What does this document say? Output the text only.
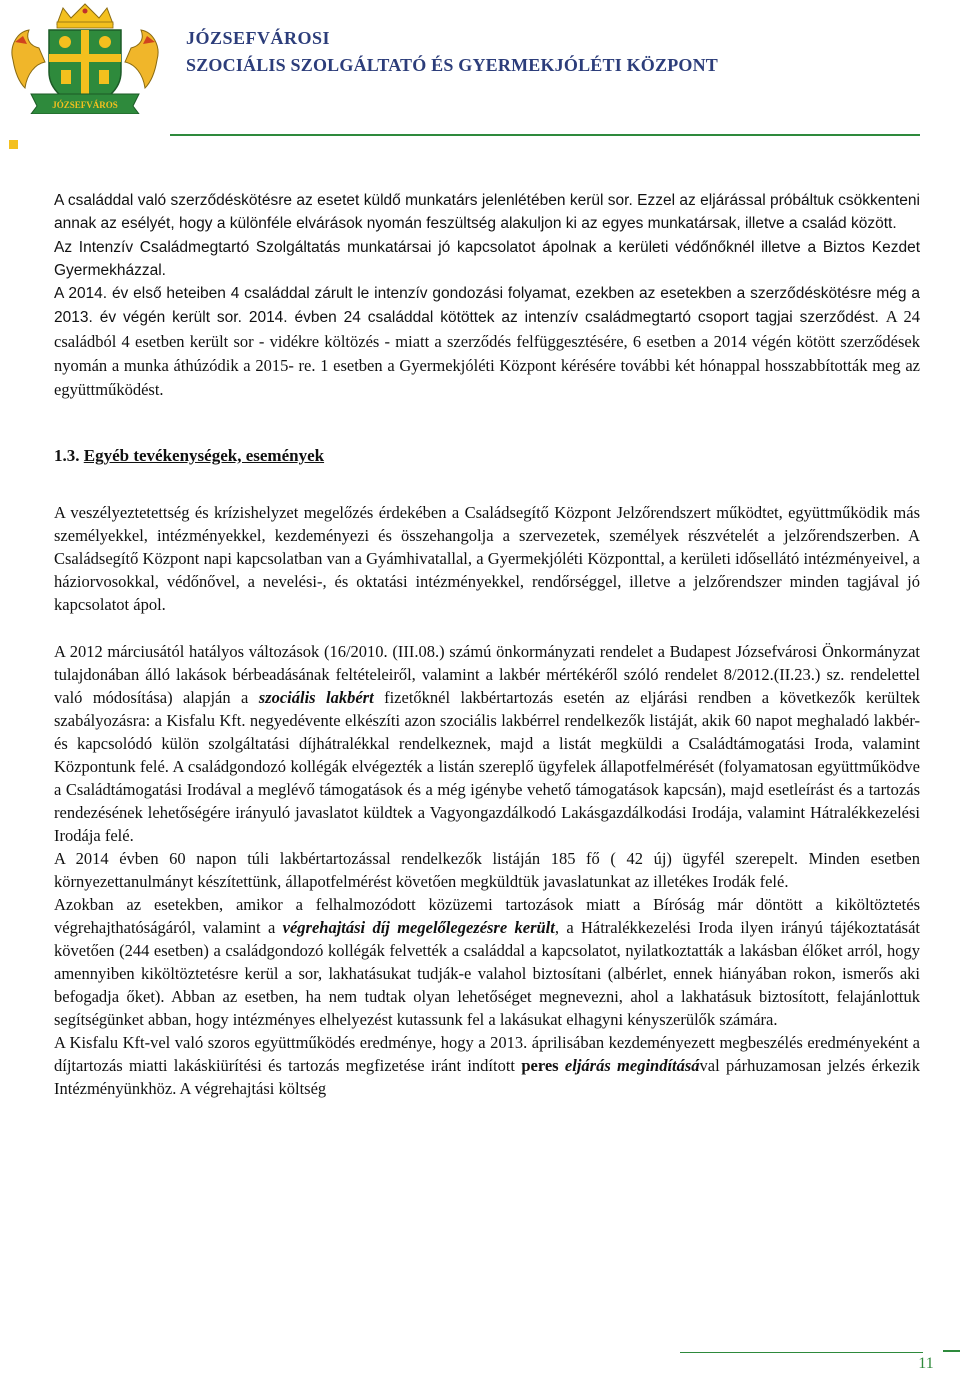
JÓZSEFVÁROS
JÓZSEFVÁROSI
SZOCIÁLIS SZOLGÁLTATÓ ÉS GYERMEKJÓLÉTI KÖZPONT

A családdal való szerződéskötésre az esetet küldő munkatárs jelenlétében kerül sor. Ezzel az eljárással próbáltuk csökkenteni annak az esélyét, hogy a különféle elvárások nyomán feszültség alakuljon ki az egyes munkatársak, illetve a család között.

Az Intenzív Családmegtartó Szolgáltatás munkatársai jó kapcsolatot ápolnak a kerületi védőnőknél illetve a Biztos Kezdet Gyermekházzal.

A 2014. év első heteiben 4 családdal zárult le intenzív gondozási folyamat, ezekben az esetekben a szerződéskötésre még a 2013. év végén került sor. 2014. évben 24 családdal kötöttek az intenzív családmegtartó csoport tagjai szerződést. A 24 családból 4 esetben került sor - vidékre költözés - miatt a szerződés felfüggesztésére, 6 esetben a 2014 végén kötött szerződések nyomán a munka áthúzódik a 2015- re. 1 esetben a Gyermekjóléti Központ kérésére további két hónappal hosszabbították meg az együttműködést.

1.3. Egyéb tevékenységek, események

A veszélyeztetettség és krízishelyzet megelőzés érdekében a Családsegítő Központ Jelzőrendszert működtet, együttműködik más személyekkel, intézményekkel, kezdeményezi és összehangolja a szervezetek, személyek részvételét a jelzőrendszerben. A Családsegítő Központ napi kapcsolatban van a Gyámhivatallal, a Gyermekjóléti Központtal, a kerületi idősellátó intézményeivel, a háziorvosokkal, védőnővel, a nevelési-, és oktatási intézményekkel, rendőrséggel, illetve a jelzőrendszer minden tagjával jó kapcsolatot ápol.

A 2012 márciusától hatályos változások (16/2010. (III.08.) számú önkormányzati rendelet a Budapest Józsefvárosi Önkormányzat tulajdonában álló lakások bérbeadásának feltételeiről, valamint a lakbér mértékéről szóló rendelet 8/2012.(II.23.) sz. rendelettel való módosítása) alapján a szociális lakbért fizetőknél lakbértartozás esetén az eljárási rendben a következők kerültek szabályozásra: a Kisfalu Kft. negyedévente elkészíti azon szociális lakbérrel rendelkezők listáját, akik 60 napot meghaladó lakbér- és kapcsolódó külön szolgáltatási díjhátralékkal rendelkeznek, majd a listát megküldi a Családtámogatási Iroda, valamint Központunk felé. A családgondozó kollégák elvégezték a listán szereplő ügyfelek állapotfelmérését (folyamatosan együttműködve a Családtámogatási Irodával a meglévő támogatások és a még igénybe vehető támogatások kapcsán), majd esetleírást és a tartozás rendezésének lehetőségére irányuló javaslatot küldtek a Vagyongazdálkodó Lakásgazdálkodási Irodája, valamint Hátralékkezelési Irodája felé.

A 2014 évben 60 napon túli lakbértartozással rendelkezők listáján 185 fő ( 42 új) ügyfél szerepelt. Minden esetben környezettanulmányt készítettünk, állapotfelmérést követően megküldtük javaslatunkat az illetékes Irodák felé.

Azokban az esetekben, amikor a felhalmozódott közüzemi tartozások miatt a Bíróság már döntött a kiköltöztetés végrehajthatóságáról, valamint a végrehajtási díj megelőlegezésre került, a Hátralékkezelési Iroda ilyen irányú tájékoztatását követően (244 esetben) a családgondozó kollégák felvették a családdal a kapcsolatot, nyilatkoztatták a lakásban élőket arról, hogy amennyiben kiköltöztetésre kerül a sor, lakhatásukat tudják-e valahol biztosítani (albérlet, ennek hiányában rokon, ismerős aki befogadja őket). Abban az esetben, ha nem tudtak olyan lehetőséget megnevezni, ahol a lakhatásuk biztosított, felajánlottuk segítségünket abban, hogy intézményes elhelyezést kutassunk fel a lakásukat elhagyni kényszerülők számára.

A Kisfalu Kft-vel való szoros együttműködés eredménye, hogy a 2013. áprilisában kezdeményezett megbeszélés eredményeként a díjtartozás miatti lakáskiürítési és tartozás megfizetése iránt indított peres eljárás megindításával párhuzamosan jelzés érkezik Intézményünkhöz. A végrehajtási költség

11
